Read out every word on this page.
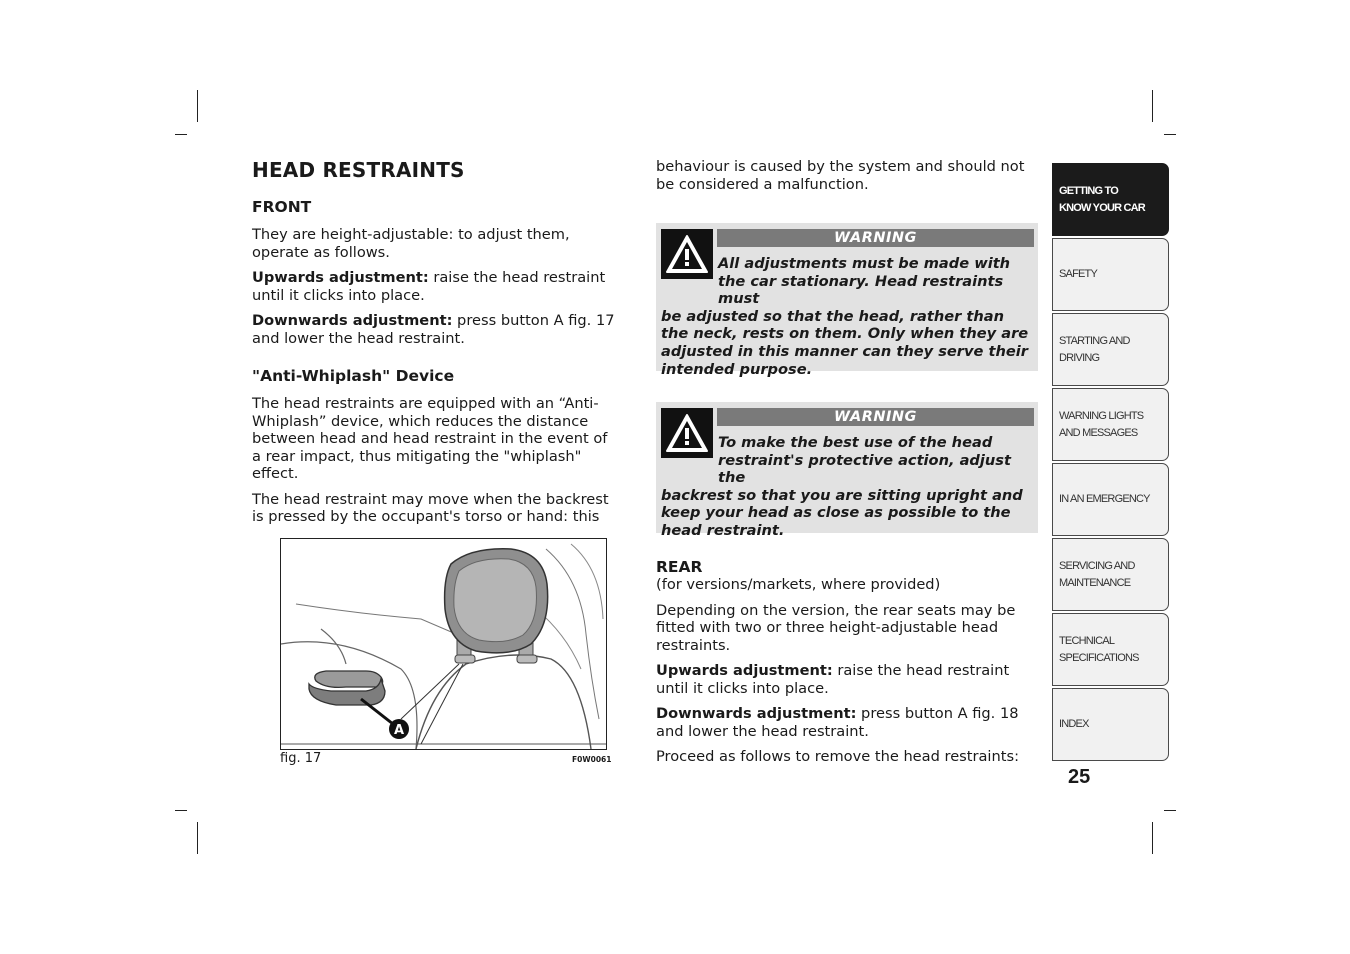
HEAD RESTRAINTS
FRONT

They are height-adjustable: to adjust them, operate as follows.

Upwards adjustment: raise the head restraint until it clicks into place.

Downwards adjustment: press button A fig. 17 and lower the head restraint.

"Anti-Whiplash" Device

The head restraints are equipped with an “Anti-Whiplash” device, which reduces the distance between head and head restraint in the event of a rear impact, thus mitigating the "whiplash" effect.

The head restraint may move when the backrest is pressed by the occupant's torso or hand: this

A
fig. 17	F0W0061

behaviour is caused by the system and should not be considered a malfunction.

WARNING
All adjustments must be made with the car stationary. Head restraints must
be adjusted so that the head, rather than the neck, rests on them. Only when they are adjusted in this manner can they serve their intended purpose.
WARNING
To make the best use of the head restraint's protective action, adjust the
backrest so that you are sitting upright and keep your head as close as possible to the head restraint.
REAR

(for versions/markets, where provided)

Depending on the version, the rear seats may be fitted with two or three height-adjustable head restraints.

Upwards adjustment: raise the head restraint until it clicks into place.

Downwards adjustment: press button A fig. 18 and lower the head restraint.

Proceed as follows to remove the head restraints:

GETTING TO
KNOW YOUR CAR
SAFETY
STARTING AND
DRIVING
WARNING LIGHTS
AND MESSAGES
IN AN EMERGENCY
SERVICING AND
MAINTENANCE
TECHNICAL
SPECIFICATIONS
INDEX
25
